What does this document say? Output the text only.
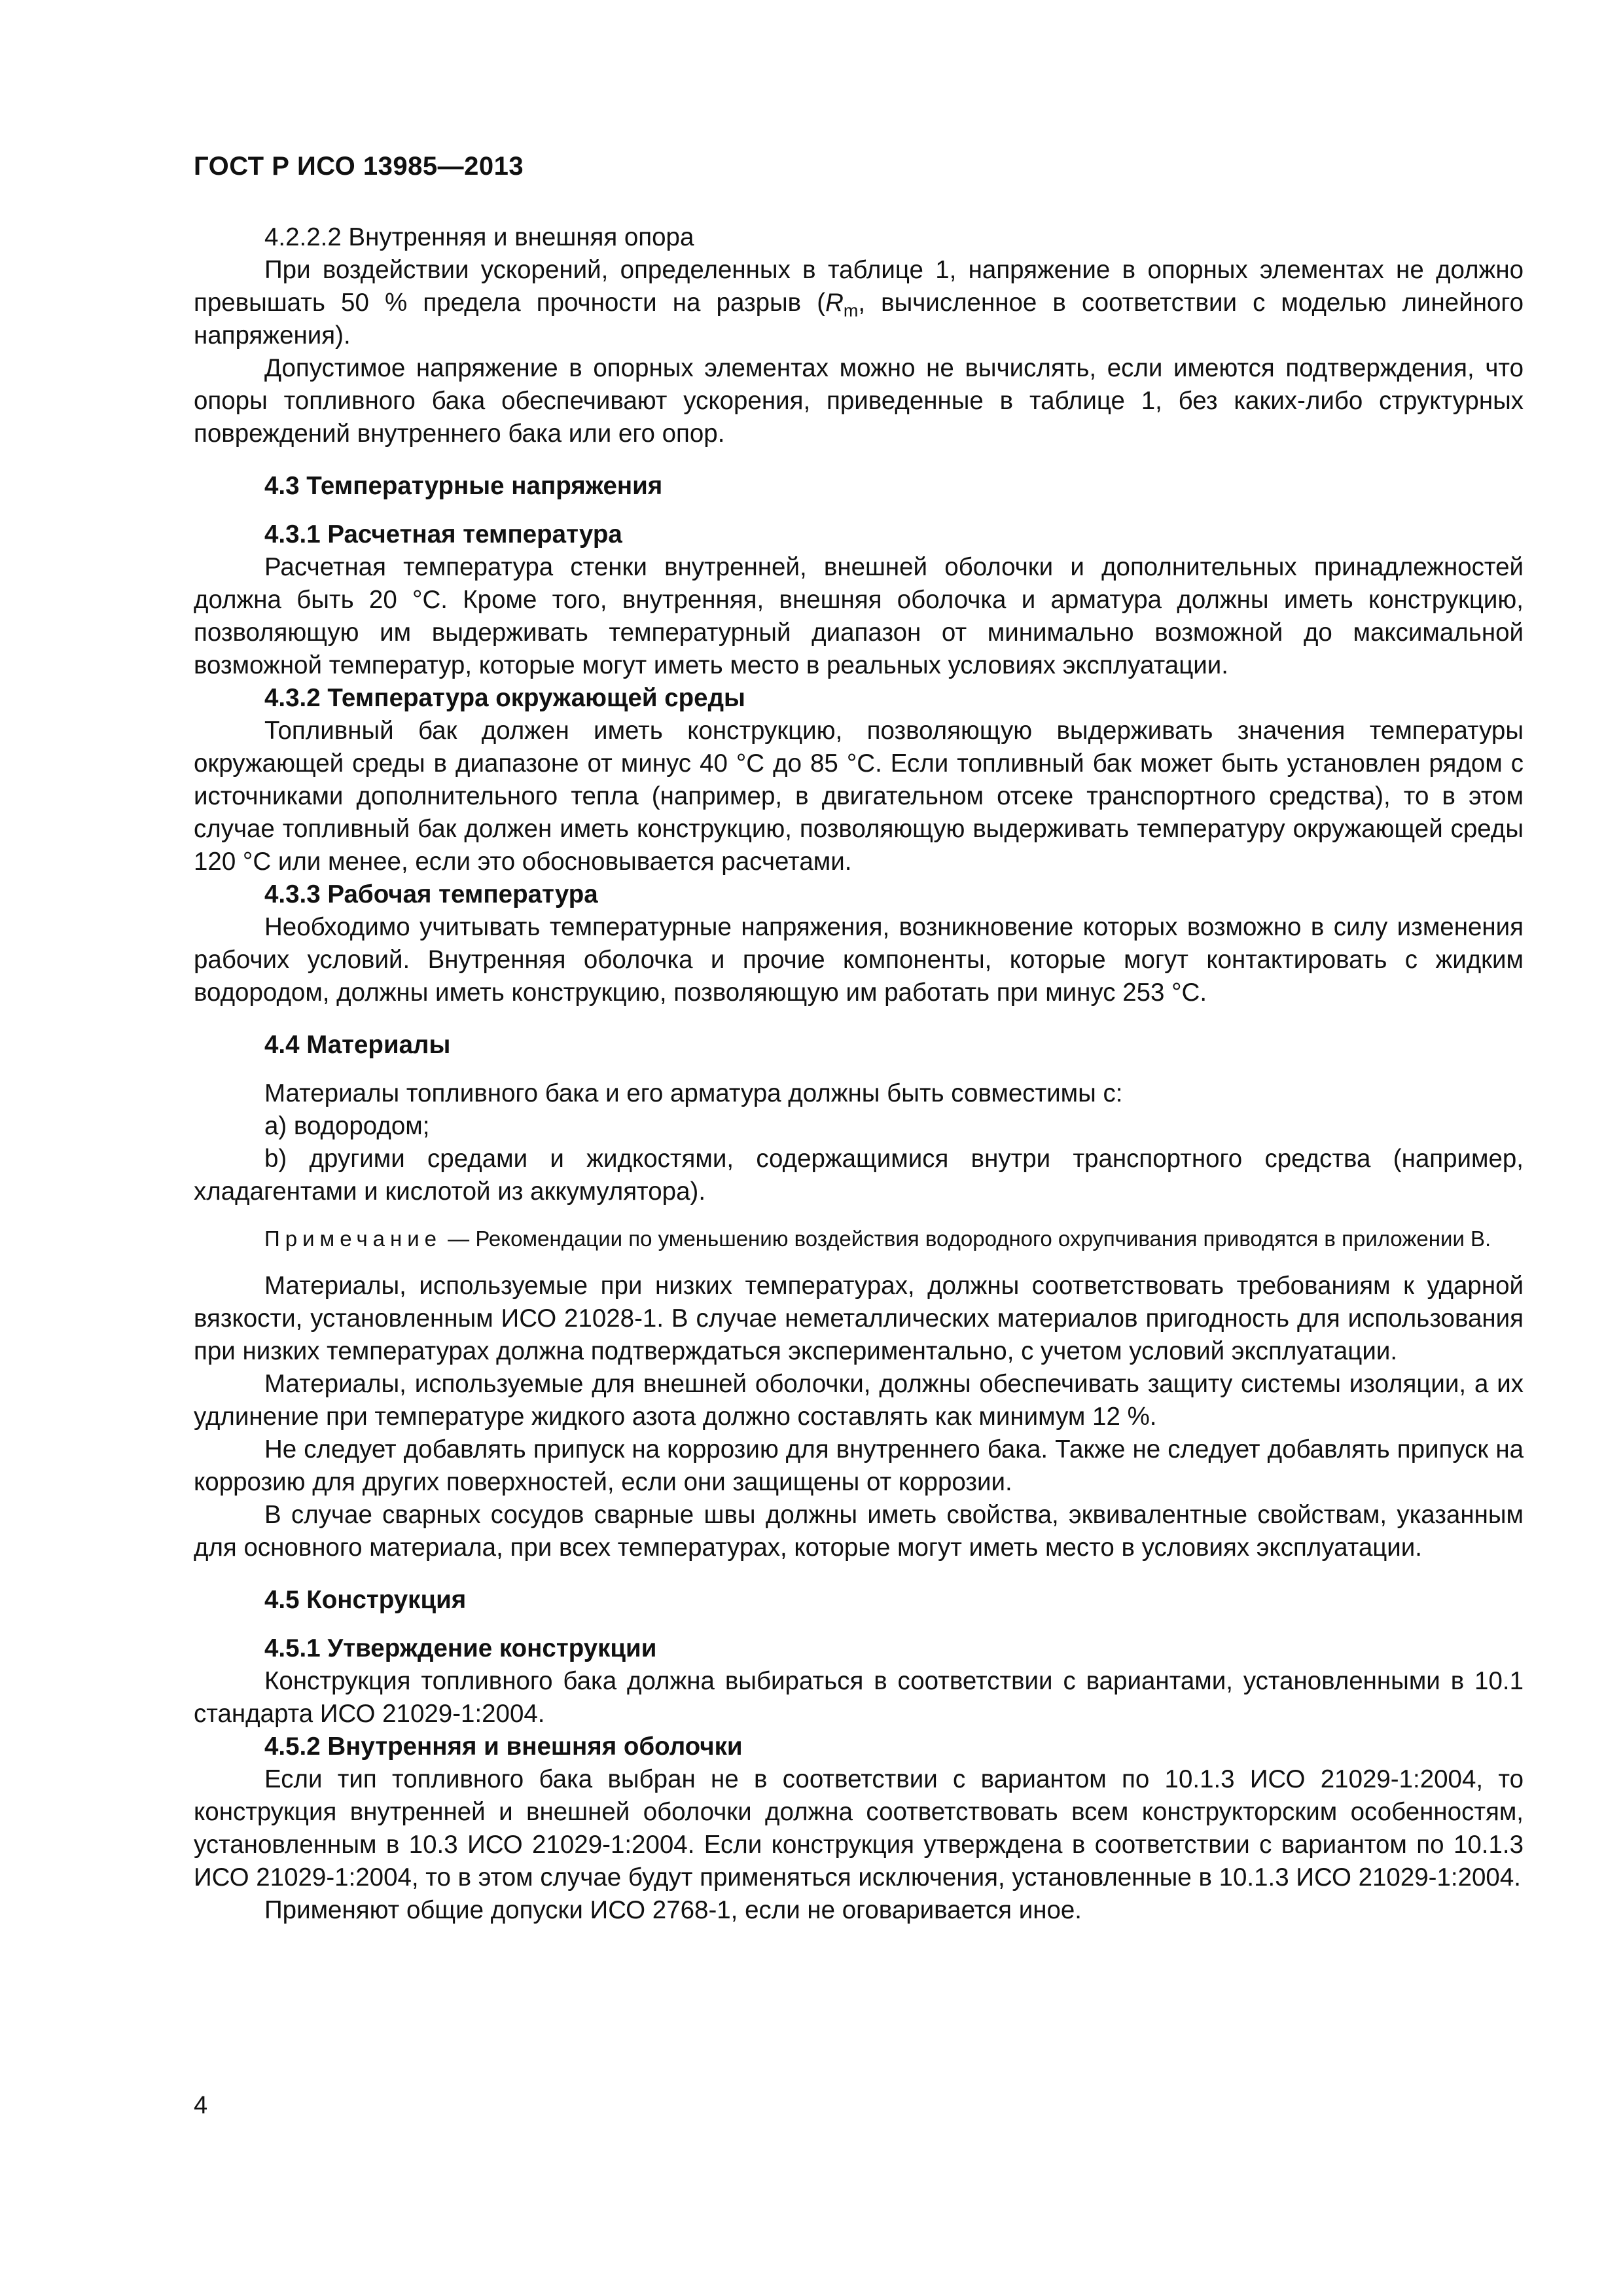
ГОСТ Р ИСО 13985—2013

4.2.2.2 Внутренняя и внешняя опора

При воздействии ускорений, определенных в таблице 1, напряжение в опорных элементах не должно превышать 50 % предела прочности на разрыв ($R_m$, вычисленное в соответствии с моделью линейного напряжения).

Допустимое напряжение в опорных элементах можно не вычислять, если имеются подтверждения, что опоры топливного бака обеспечивают ускорения, приведенные в таблице 1, без каких-либо структурных повреждений внутреннего бака или его опор.

4.3 Температурные напряжения
4.3.1 Расчетная температура

Расчетная температура стенки внутренней, внешней оболочки и дополнительных принадлежностей должна быть 20 °С. Кроме того, внутренняя, внешняя оболочка и арматура должны иметь конструкцию, позволяющую им выдерживать температурный диапазон от минимально возможной до максимальной возможной температур, которые могут иметь место в реальных условиях эксплуатации.

4.3.2 Температура окружающей среды

Топливный бак должен иметь конструкцию, позволяющую выдерживать значения температуры окружающей среды в диапазоне от минус 40 °С до 85 °С. Если топливный бак может быть установлен рядом с источниками дополнительного тепла (например, в двигательном отсеке транспортного средства), то в этом случае топливный бак должен иметь конструкцию, позволяющую выдерживать температуру окружающей среды 120 °С или менее, если это обосновывается расчетами.

4.3.3 Рабочая температура

Необходимо учитывать температурные напряжения, возникновение которых возможно в силу изменения рабочих условий. Внутренняя оболочка и прочие компоненты, которые могут контактировать с жидким водородом, должны иметь конструкцию, позволяющую им работать при минус 253 °С.

4.4 Материалы

Материалы топливного бака и его арматура должны быть совместимы с:

a) водородом;

b) другими средами и жидкостями, содержащимися внутри транспортного средства (например, хладагентами и кислотой из аккумулятора).

Примечание — Рекомендации по уменьшению воздействия водородного охрупчивания приводятся в приложении В.

Материалы, используемые при низких температурах, должны соответствовать требованиям к ударной вязкости, установленным ИСО 21028-1. В случае неметаллических материалов пригодность для использования при низких температурах должна подтверждаться экспериментально, с учетом условий эксплуатации.

Материалы, используемые для внешней оболочки, должны обеспечивать защиту системы изоляции, а их удлинение при температуре жидкого азота должно составлять как минимум 12 %.

Не следует добавлять припуск на коррозию для внутреннего бака. Также не следует добавлять припуск на коррозию для других поверхностей, если они защищены от коррозии.

В случае сварных сосудов сварные швы должны иметь свойства, эквивалентные свойствам, указанным для основного материала, при всех температурах, которые могут иметь место в условиях эксплуатации.

4.5 Конструкция
4.5.1 Утверждение конструкции

Конструкция топливного бака должна выбираться в соответствии с вариантами, установленными в 10.1 стандарта ИСО 21029-1:2004.

4.5.2 Внутренняя и внешняя оболочки

Если тип топливного бака выбран не в соответствии с вариантом по 10.1.3 ИСО 21029-1:2004, то конструкция внутренней и внешней оболочки должна соответствовать всем конструкторским особенностям, установленным в 10.3 ИСО 21029-1:2004. Если конструкция утверждена в соответствии с вариантом по 10.1.3 ИСО 21029-1:2004, то в этом случае будут применяться исключения, установленные в 10.1.3 ИСО 21029-1:2004.

Применяют общие допуски ИСО 2768-1, если не оговаривается иное.

4
